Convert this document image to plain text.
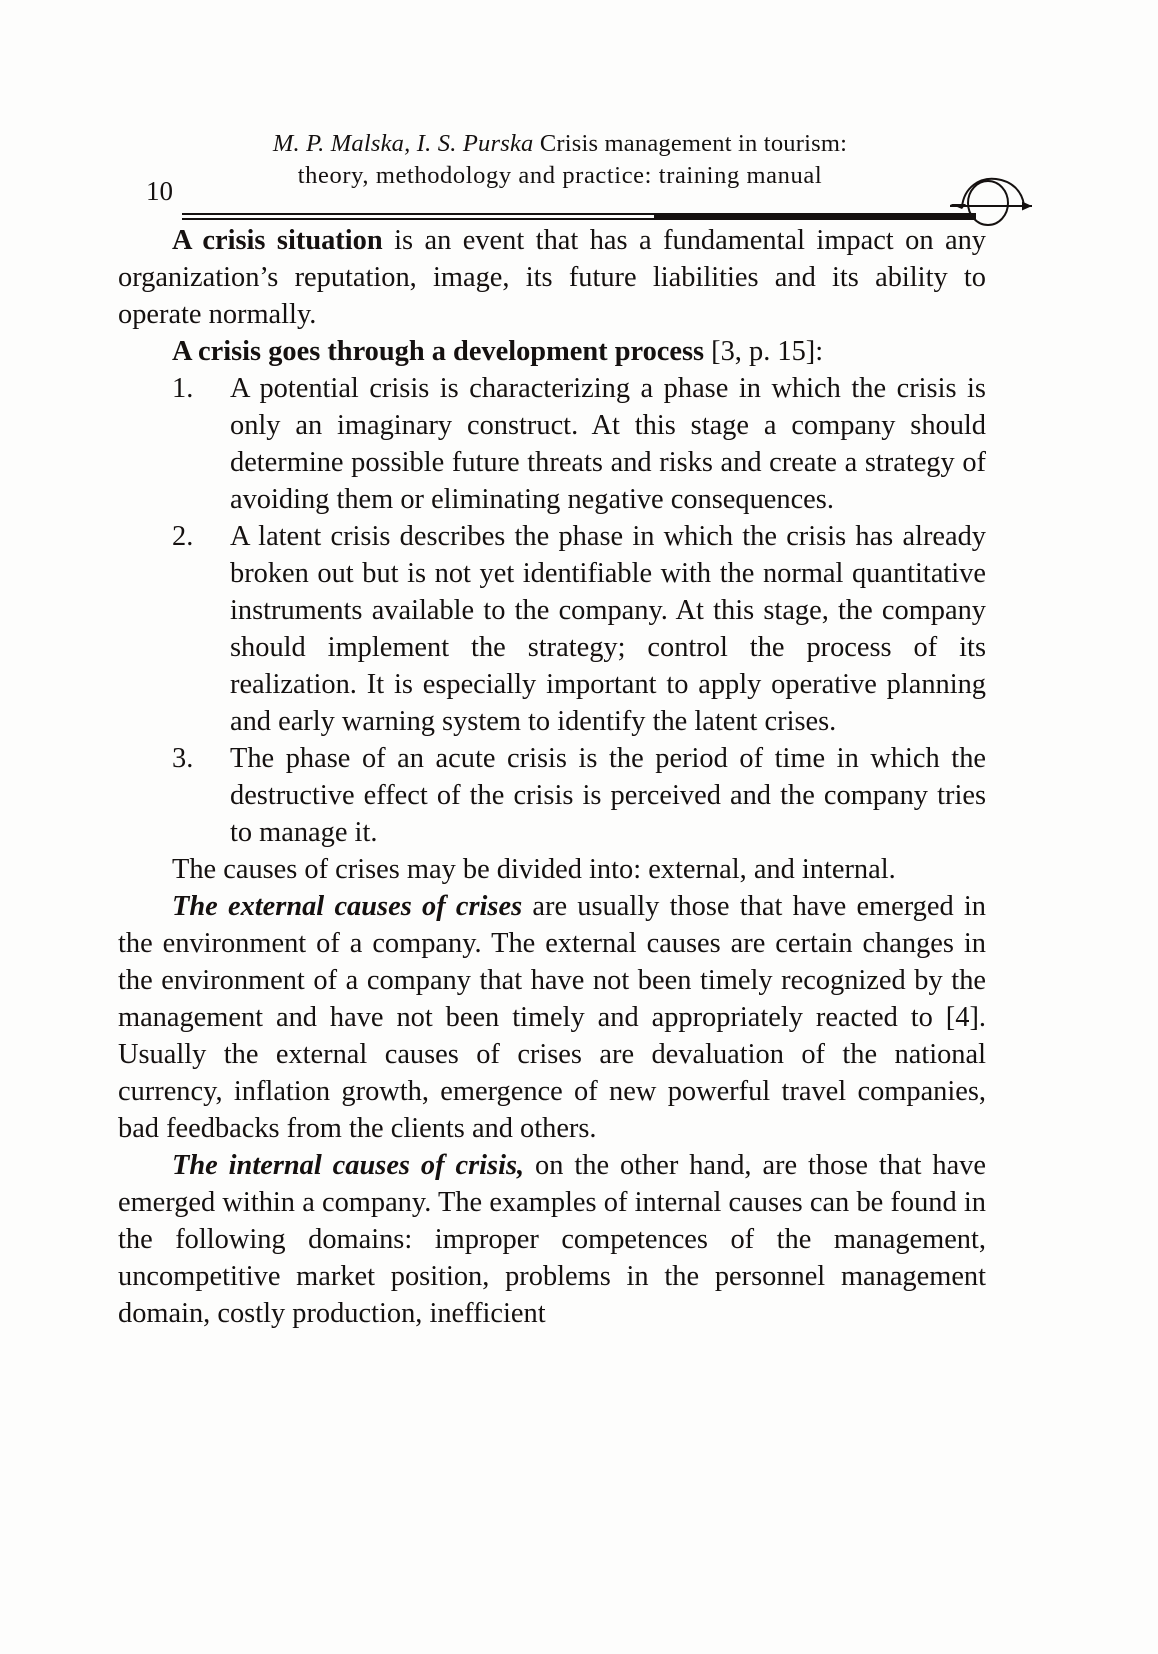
10
M. P. Malska, I. S. Purska Crisis management in tourism:
theory, methodology and practice: training manual

A crisis situation is an event that has a fundamental impact on any organization’s reputation, image, its future liabilities and its ability to operate normally.

A crisis goes through a development process [3, p. 15]:

1.	A potential crisis is characterizing a phase in which the crisis is only an imaginary construct. At this stage a company should determine possible future threats and risks and create a strategy of avoiding them or eliminating negative consequences.
2.	A latent crisis describes the phase in which the crisis has already broken out but is not yet identifiable with the normal quantitative instruments available to the company. At this stage, the company should implement the strategy; control the process of its realization. It is especially important to apply operative planning and early warning system to identify the latent crises.
3.	The phase of an acute crisis is the period of time in which the destructive effect of the crisis is perceived and the company tries to manage it.

The causes of crises may be divided into: external, and internal.

The external causes of crises are usually those that have emerged in the environment of a company. The external causes are certain changes in the environment of a company that have not been timely recognized by the management and have not been timely and appropriately reacted to [4]. Usually the external causes of crises are devaluation of the national currency, inflation growth, emergence of new powerful travel companies, bad feedbacks from the clients and others.

The internal causes of crisis, on the other hand, are those that have emerged within a company. The examples of internal causes can be found in the following domains: improper competences of the management, uncompetitive market position, problems in the personnel management domain, costly production, inefficient
